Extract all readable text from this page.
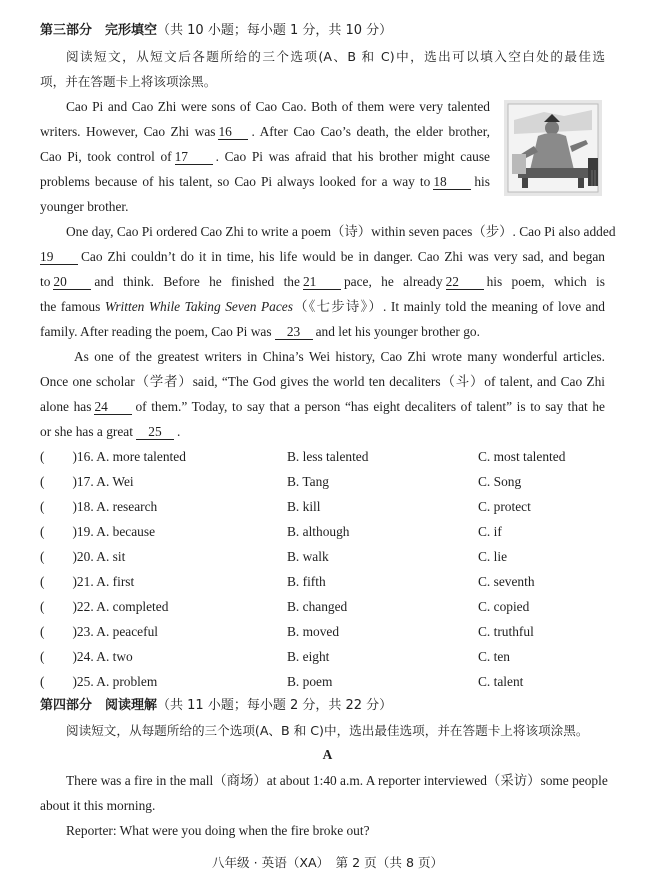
第三部分　完形填空（共 10 小题；每小题 1 分，共 10 分）
阅读短文，从短文后各题所给的三个选项(A、B 和 C)中，选出可以填入空白处的最佳选
项，并在答题卡上将该项涂黑。
Cao Pi and Cao Zhi were sons of Cao Cao. Both of them were very talented
writers. However, Cao Zhi was 16 . After Cao Cao’s death, the elder brother,
Cao Pi, took control of 17 . Cao Pi was afraid that his brother might cause
problems because of his talent, so Cao Pi always looked for a way to 18 his
younger brother.
One day, Cao Pi ordered Cao Zhi to write a poem（诗）within seven paces（步）. Cao Pi also added
19 Cao Zhi couldn’t do it in time, his life would be in danger. Cao Zhi was very sad, and began
to 20 and think. Before he finished the 21 pace, he already 22 his poem, which is
the famous Written While Taking Seven Paces（《七步诗》）. It mainly told the meaning of love and
family. After reading the poem, Cao Pi was 23 and let his younger brother go.
As one of the greatest writers in China’s Wei history, Cao Zhi wrote many wonderful articles.
Once one scholar（学者）said, “The God gives the world ten decaliters（斗）of talent, and Cao Zhi
alone has 24 of them.” Today, to say that a person “has eight decaliters of talent” is to say that he
or she has a great 25 .
( )16. A. more talented	B. less talented	C. most talented
( )17. A. Wei	B. Tang	C. Song
( )18. A. research	B. kill	C. protect
( )19. A. because	B. although	C. if
( )20. A. sit	B. walk	C. lie
( )21. A. first	B. fifth	C. seventh
( )22. A. completed	B. changed	C. copied
( )23. A. peaceful	B. moved	C. truthful
( )24. A. two	B. eight	C. ten
( )25. A. problem	B. poem	C. talent
第四部分　阅读理解（共 11 小题；每小题 2 分，共 22 分）
阅读短文，从每题所给的三个选项(A、B 和 C)中，选出最佳选项，并在答题卡上将该项涂黑。
A
There was a fire in the mall（商场）at about 1:40 a.m. A reporter interviewed（采访）some people
about it this morning.
Reporter: What were you doing when the fire broke out?
八年级 · 英语（XA）　第 2 页（共 8 页）
